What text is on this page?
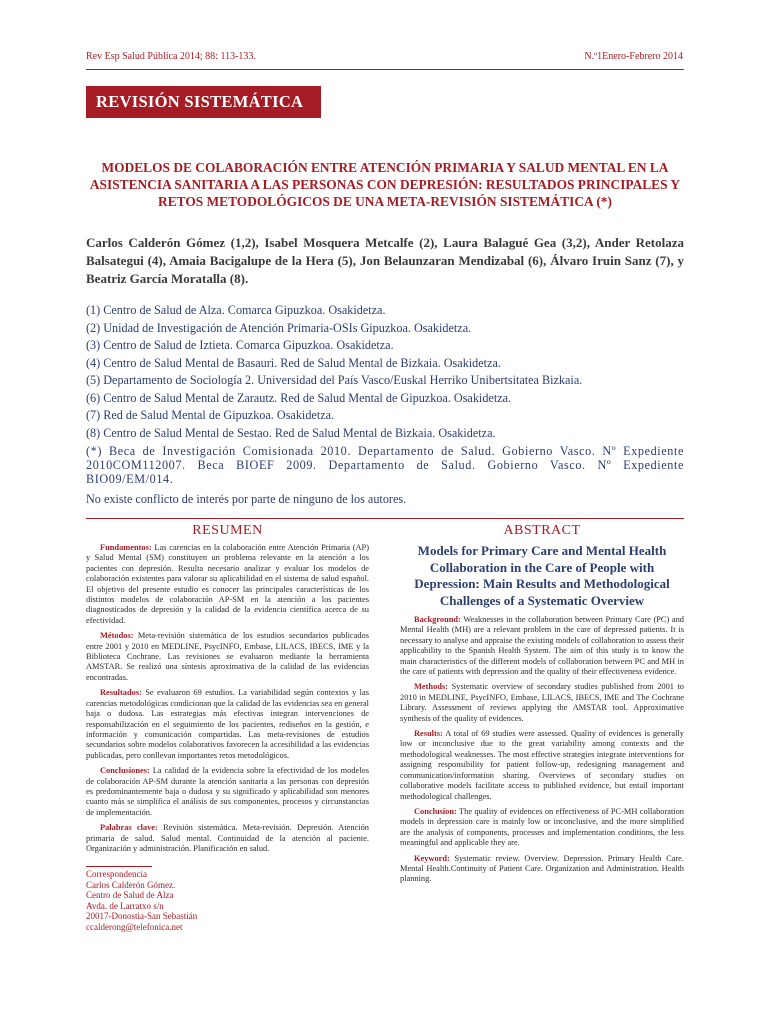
Rev Esp Salud Pública 2014; 88: 113-133.	N.º1Enero-Febrero 2014
REVISIÓN SISTEMÁTICA
MODELOS DE COLABORACIÓN ENTRE ATENCIÓN PRIMARIA Y SALUD MENTAL EN LA ASISTENCIA SANITARIA A LAS PERSONAS CON DEPRESIÓN: RESULTADOS PRINCIPALES Y RETOS METODOLÓGICOS DE UNA META-REVISIÓN SISTEMÁTICA (*)
Carlos Calderón Gómez (1,2), Isabel Mosquera Metcalfe (2), Laura Balagué Gea (3,2), Ander Retolaza Balsategui (4), Amaia Bacigalupe de la Hera (5), Jon Belaunzaran Mendizabal (6), Álvaro Iruin Sanz (7), y Beatriz García Moratalla (8).

(1) Centro de Salud de Alza. Comarca Gipuzkoa. Osakidetza.

(2) Unidad de Investigación de Atención Primaria-OSIs Gipuzkoa. Osakidetza.

(3) Centro de Salud de Iztieta. Comarca Gipuzkoa. Osakidetza.

(4) Centro de Salud Mental de Basauri. Red de Salud Mental de Bizkaia. Osakidetza.

(5) Departamento de Sociología 2. Universidad del País Vasco/Euskal Herriko Unibertsitatea Bizkaia.

(6) Centro de Salud Mental de Zarautz. Red de Salud Mental de Gipuzkoa. Osakidetza.

(7) Red de Salud Mental de Gipuzkoa. Osakidetza.

(8) Centro de Salud Mental de Sestao. Red de Salud Mental de Bizkaia. Osakidetza.

(*) Beca de Investigación Comisionada 2010. Departamento de Salud. Gobierno Vasco. Nº Expediente 2010COM112007. Beca BIOEF 2009. Departamento de Salud. Gobierno Vasco. Nº Expediente BIO09/EM/014.

No existe conflicto de interés por parte de ninguno de los autores.

RESUMEN

Fundamentos: Las carencias en la colaboración entre Atención Primaria (AP) y Salud Mental (SM) constituyen un problema relevante en la atención a los pacientes con depresión. Resulta necesario analizar y evaluar los modelos de colaboración existentes para valorar su aplicabilidad en el sistema de salud español. El objetivo del presente estudio es conocer las principales características de los distintos modelos de colaboración AP-SM en la atención a los pacientes diagnosticados de depresión y la calidad de la evidencia científica acerca de su efectividad.

Métodos: Meta-revisión sistemática de los estudios secundarios publicados entre 2001 y 2010 en MEDLINE, PsycINFO, Embase, LILACS, IBECS, IME y la Biblioteca Cochrane. Las revisiones se evaluaron mediante la herramienta AMSTAR. Se realizó una síntesis aproximativa de la calidad de las evidencias encontradas.

Resultados: Se evaluaron 69 estudios. La variabilidad según contextos y las carencias metodológicas condicionan que la calidad de las evidencias sea en general baja o dudosa. Las estrategias más efectivas integran intervenciones de responsabilización en el seguimiento de los pacientes, rediseños en la gestión, e información y comunicación compartidas. Las meta-revisiones de estudios secundarios sobre modelos colaborativos favorecen la accesibilidad a las evidencias publicadas, pero conllevan importantes retos metodológicos.

Conclusiones: La calidad de la evidencia sobre la efectividad de los modelos de colaboración AP-SM durante la atención sanitaria a las personas con depresión es predominantemente baja o dudosa y su significado y aplicabilidad son menores cuanto más se simplifica el análisis de sus componentes, procesos y circunstancias de implementación.

Palabras clave: Revisión sistemática. Meta-revisión. Depresión. Atención primaria de salud. Salud mental. Continuidad de la atención al paciente. Organización y administración. Planificación en salud.

ABSTRACT
Models for Primary Care and Mental Health Collaboration in the Care of People with Depression: Main Results and Methodological Challenges of a Systematic Overview

Background: Weaknesses in the collaboration between Primary Care (PC) and Mental Health (MH) are a relevant problem in the care of depressed patients. It is necessary to analyse and appraise the existing models of collaboration to assess their applicability to the Spanish Health System. The aim of this study is to know the main characteristics of the different models of collaboration between PC and MH in the care of patients with depression and the quality of their effectiveness evidence.

Methods: Systematic overview of secondary studies published from 2001 to 2010 in MEDLINE, PsycINFO, Embase, LILACS, IBECS, IME and The Cochrane Library. Assessment of reviews applying the AMSTAR tool. Approximative synthesis of the quality of evidences.

Results: A total of 69 studies were assessed. Quality of evidences is generally low or inconclusive due to the great variability among contexts and the methodological weaknesses. The most effective strategies integrate interventions for assigning responsibility for patient follow-up, redesigning management and communication/information sharing. Overviews of secondary studies on collaborative models facilitate access to published evidence, but entail important methodological challenges.

Conclusion: The quality of evidences on effectiveness of PC-MH collaboration models in depression care is mainly low or inconclusive, and the more simplified are the analysis of components, processes and implementation conditions, the less meaningful and applicable they are.

Keyword: Systematic review. Overview. Depression. Primary Health Care. Mental Health.Continuity of Patient Care. Organization and Administration. Health planning.

Correspondencia
Carlos Calderón Gómez.
Centro de Salud de Alza
Avda. de Larratxo s/n
20017-Donostia-San Sebastián
ccalderong@telefonica.net
